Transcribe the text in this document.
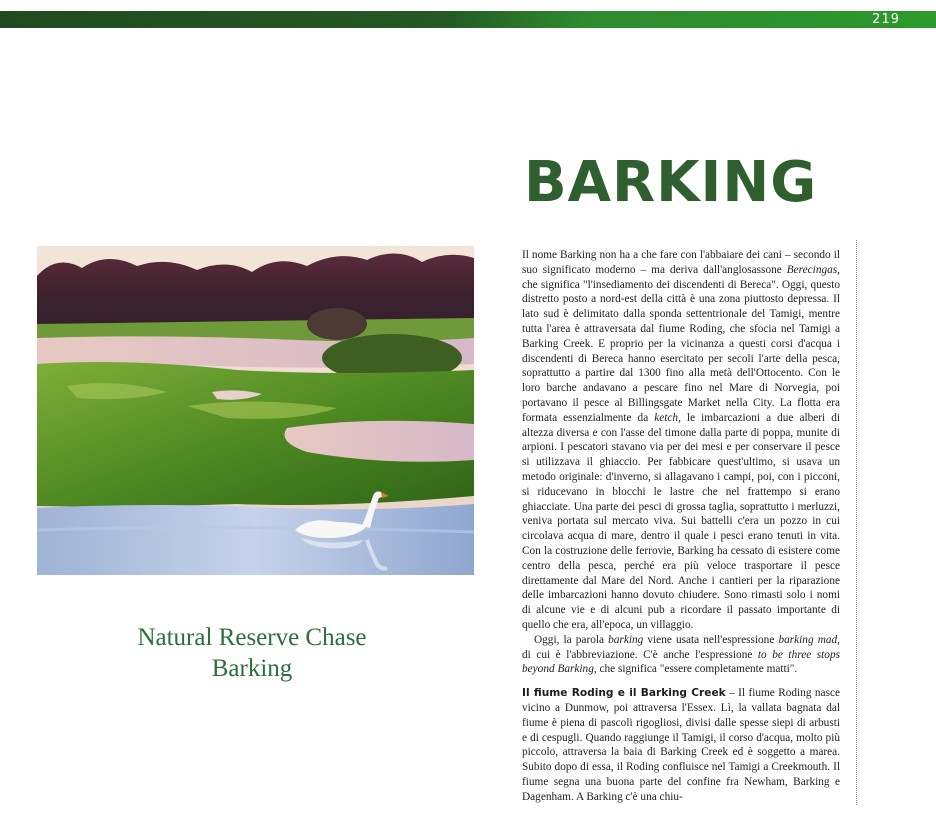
219
BARKING
Natural Reserve Chase
Barking

Il nome Barking non ha a che fare con l'abbaiare dei cani – secondo il suo significato moderno – ma deriva dall'anglosassone Berecingas, che significa "l'insediamento dei discendenti di Bereca". Oggi, questo distretto posto a nord-est della città è una zona piuttosto depressa. Il lato sud è delimitato dalla sponda settentrionale del Tamigi, mentre tutta l'area è attraversata dal fiume Roding, che sfocia nel Tamigi a Barking Creek. E proprio per la vicinanza a questi corsi d'acqua i discendenti di Bereca hanno esercitato per secoli l'arte della pesca, soprattutto a partire dal 1300 fino alla metà dell'Ottocento. Con le loro barche andavano a pescare fino nel Mare di Norvegia, poi portavano il pesce al Billingsgate Market nella City. La flotta era formata essenzialmente da ketch, le imbarcazioni a due alberi di altezza diversa e con l'asse del timone dalla parte di poppa, munite di arpioni. I pescatori stavano via per dei mesi e per conservare il pesce si utilizzava il ghiaccio. Per fabbicare quest'ultimo, si usava un metodo originale: d'inverno, si allagavano i campi, poi, con i picconi, si riducevano in blocchi le lastre che nel frattempo si erano ghiacciate. Una parte dei pesci di grossa taglia, soprattutto i merluzzi, veniva portata sul mercato viva. Sui battelli c'era un pozzo in cui circolava acqua di mare, dentro il quale i pesci erano tenuti in vita. Con la costruzione delle ferrovie, Barking ha cessato di esistere come centro della pesca, perché era più veloce trasportare il pesce direttamente dal Mare del Nord. Anche i cantieri per la riparazione delle imbarcazioni hanno dovuto chiudere. Sono rimasti solo i nomi di alcune vie e di alcuni pub a ricordare il passato importante di quello che era, all'epoca, un villaggio.

Oggi, la parola barking viene usata nell'espressione barking mad, di cui è l'abbreviazione. C'è anche l'espressione to be three stops beyond Barking, che significa "essere completamente matti".

Il fiume Roding e il Barking Creek – Il fiume Roding nasce vicino a Dunmow, poi attraversa l'Essex. Lì, la vallata bagnata dal fiume è piena di pascoli rigogliosi, divisi dalle spesse siepi di arbusti e di cespugli. Quando raggiunge il Tamigi, il corso d'acqua, molto più piccolo, attraversa la baia di Barking Creek ed è soggetto a marea. Subito dopo di essa, il Roding confluisce nel Tamigi a Creekmouth. Il fiume segna una buona parte del confine fra Newham, Barking e Dagenham. A Barking c'è una chiu-
